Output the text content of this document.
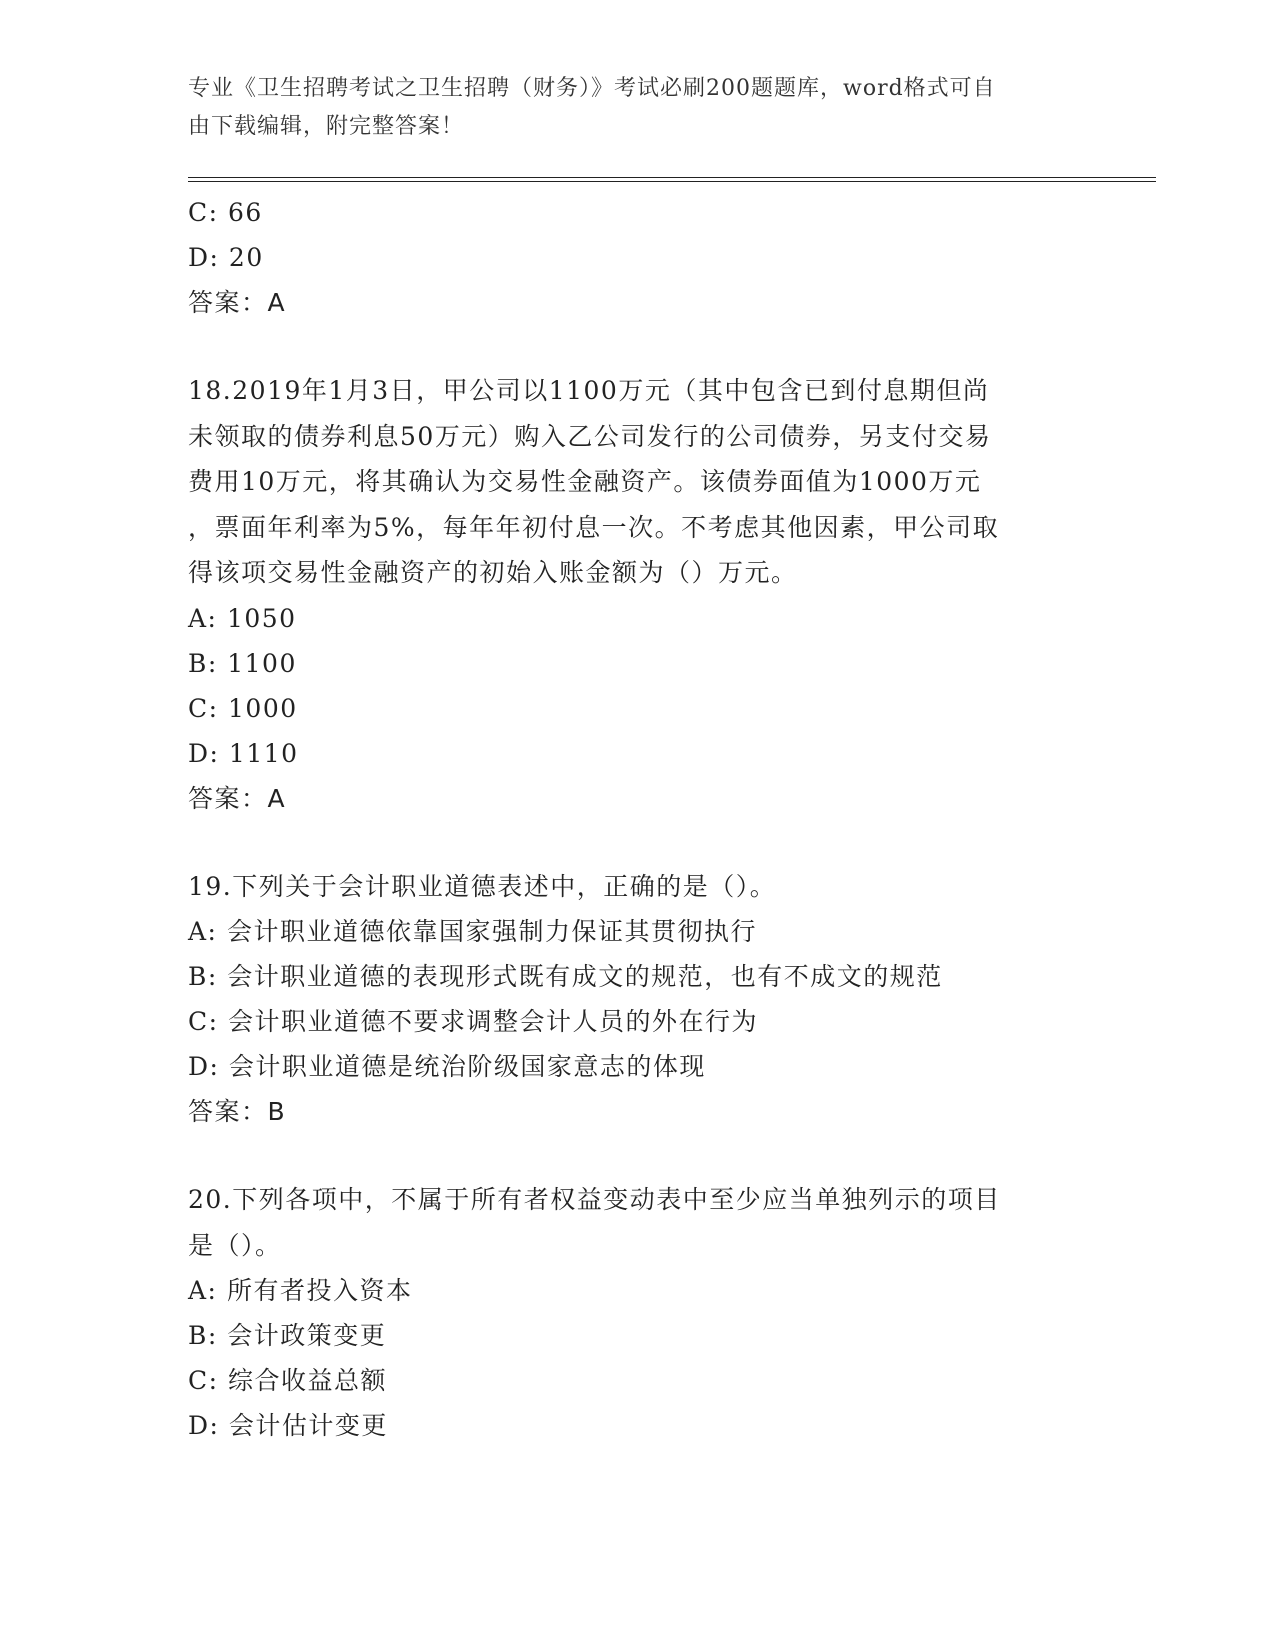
专业《卫生招聘考试之卫生招聘（财务）》考试必刷200题题库，word格式可自
由下载编辑，附完整答案！
C: 66
D: 20
答案：A
18.2019年1月3日，甲公司以1100万元（其中包含已到付息期但尚
未领取的债券利息50万元）购入乙公司发行的公司债券，另支付交易
费用10万元，将其确认为交易性金融资产。该债券面值为1000万元
，票面年利率为5%，每年年初付息一次。不考虑其他因素，甲公司取
得该项交易性金融资产的初始入账金额为（）万元。
A: 1050
B: 1100
C: 1000
D: 1110
答案：A
19.下列关于会计职业道德表述中，正确的是（）。
A: 会计职业道德依靠国家强制力保证其贯彻执行
B: 会计职业道德的表现形式既有成文的规范，也有不成文的规范
C: 会计职业道德不要求调整会计人员的外在行为
D: 会计职业道德是统治阶级国家意志的体现
答案：B
20.下列各项中，不属于所有者权益变动表中至少应当单独列示的项目
是（）。
A: 所有者投入资本
B: 会计政策变更
C: 综合收益总额
D: 会计估计变更
